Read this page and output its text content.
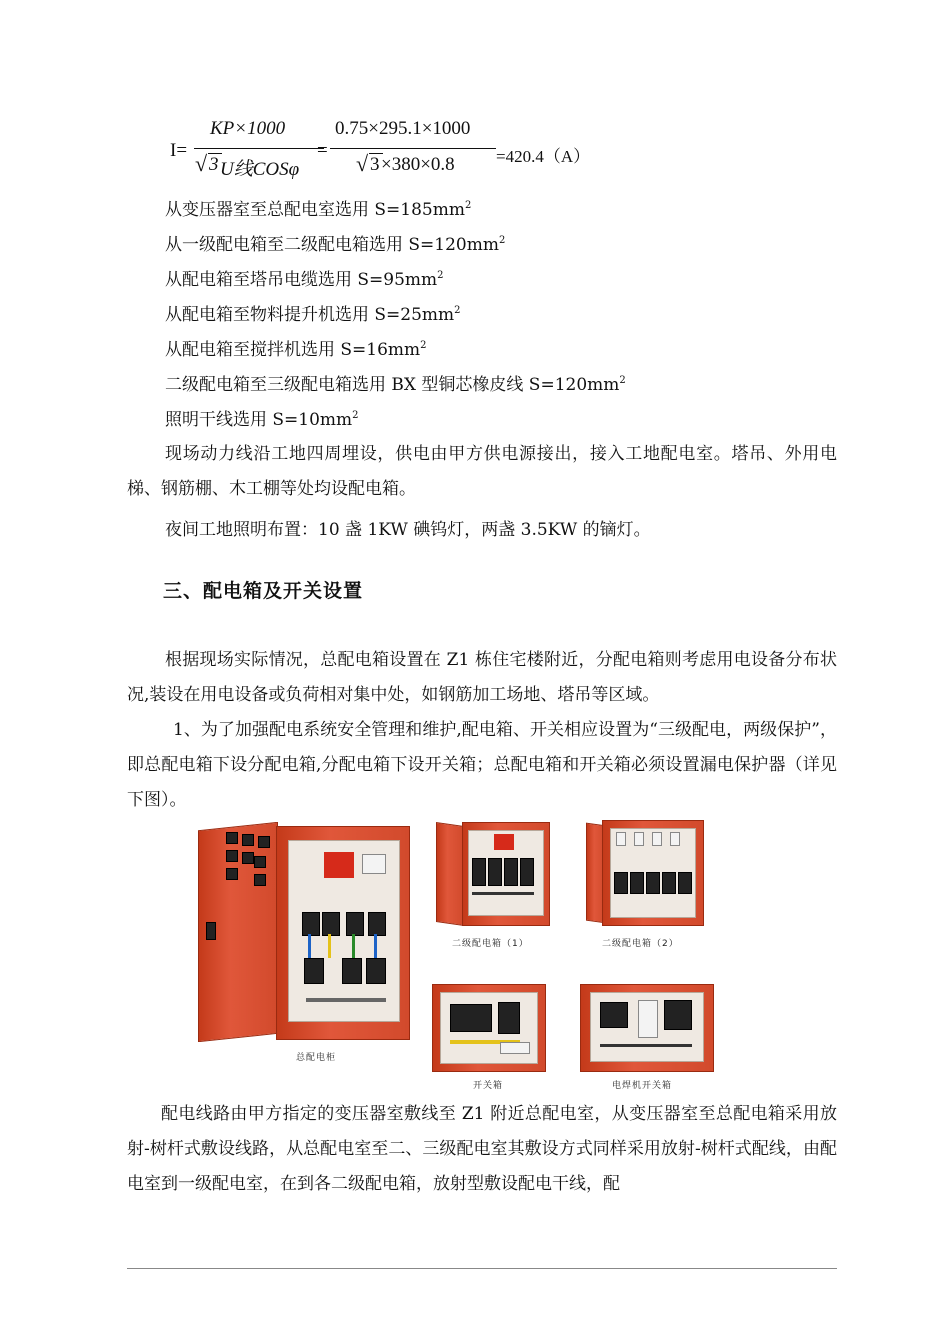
I=
KP×1000
√ 3 U线COSφ
=
0.75×295.1×1000
√ 3 ×380×0.8 =420.4（A）
从变压器室至总配电室选用 $S=185mm^2$
从一级配电箱至二级配电箱选用 $S=120mm^2$
从配电箱至塔吊电缆选用 $S=95mm^2$
从配电箱至物料提升机选用 $S=25mm^2$
从配电箱至搅拌机选用 $S=16mm^2$
二级配电箱至三级配电箱选用 BX 型铜芯橡皮线 $S=120mm^2$
照明干线选用 $S=10mm^2$
现场动力线沿工地四周埋设，供电由甲方供电源接出，接入工地配电室。塔吊、外用电梯、钢筋棚、木工棚等处均设配电箱。
夜间工地照明布置：10 盏 1KW 碘钨灯，两盏 3.5KW 的镝灯。
三、配电箱及开关设置
根据现场实际情况，总配电箱设置在 Z1 栋住宅楼附近，分配电箱则考虑用电设备分布状况,装设在用电设备或负荷相对集中处，如钢筋加工场地、塔吊等区域。
1、为了加强配电系统安全管理和维护,配电箱、开关相应设置为“三级配电，两级保护”，即总配电箱下设分配电箱,分配电箱下设开关箱；总配电箱和开关箱必须设置漏电保护器（详见下图）。
总配电柜
二级配电箱（1）	二级配电箱（2）
开关箱	电焊机开关箱
配电线路由甲方指定的变压器室敷线至 Z1 附近总配电室，从变压器室至总配电箱采用放射-树杆式敷设线路，从总配电室至二、三级配电室其敷设方式同样采用放射-树杆式配线，由配电室到一级配电室，在到各二级配电箱，放射型敷设配电干线，配
